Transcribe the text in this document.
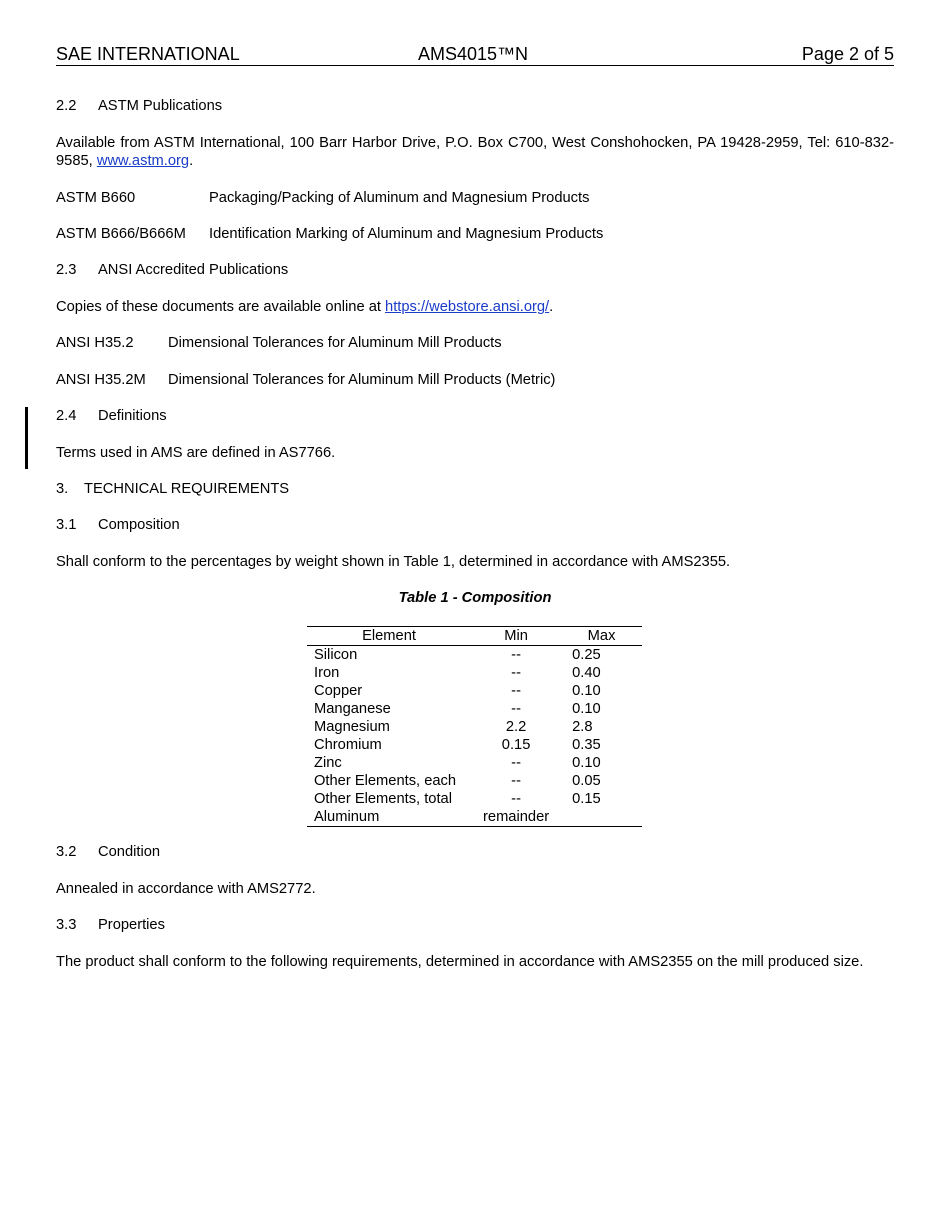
SAE INTERNATIONAL	AMS4015™N	Page 2 of 5
2.2 ASTM Publications
Available from ASTM International, 100 Barr Harbor Drive, P.O. Box C700, West Conshohocken, PA 19428-2959, Tel: 610-832-9585, www.astm.org.
ASTM B660	Packaging/Packing of Aluminum and Magnesium Products
ASTM B666/B666M Identification Marking of Aluminum and Magnesium Products
2.3 ANSI Accredited Publications
Copies of these documents are available online at https://webstore.ansi.org/.
ANSI H35.2 Dimensional Tolerances for Aluminum Mill Products
ANSI H35.2M Dimensional Tolerances for Aluminum Mill Products (Metric)
2.4 Definitions
Terms used in AMS are defined in AS7766.
3. TECHNICAL REQUIREMENTS
3.1 Composition
Shall conform to the percentages by weight shown in Table 1, determined in accordance with AMS2355.
Table 1 - Composition
Element	Min	Max
Silicon	--	0.25
Iron	--	0.40
Copper	--	0.10
Manganese	--	0.10
Magnesium	2.2	2.8
Chromium	0.15	0.35
Zinc	--	0.10
Other Elements, each	--	0.05
Other Elements, total	--	0.15
Aluminum	remainder	
3.2 Condition
Annealed in accordance with AMS2772.
3.3 Properties
The product shall conform to the following requirements, determined in accordance with AMS2355 on the mill produced size.
